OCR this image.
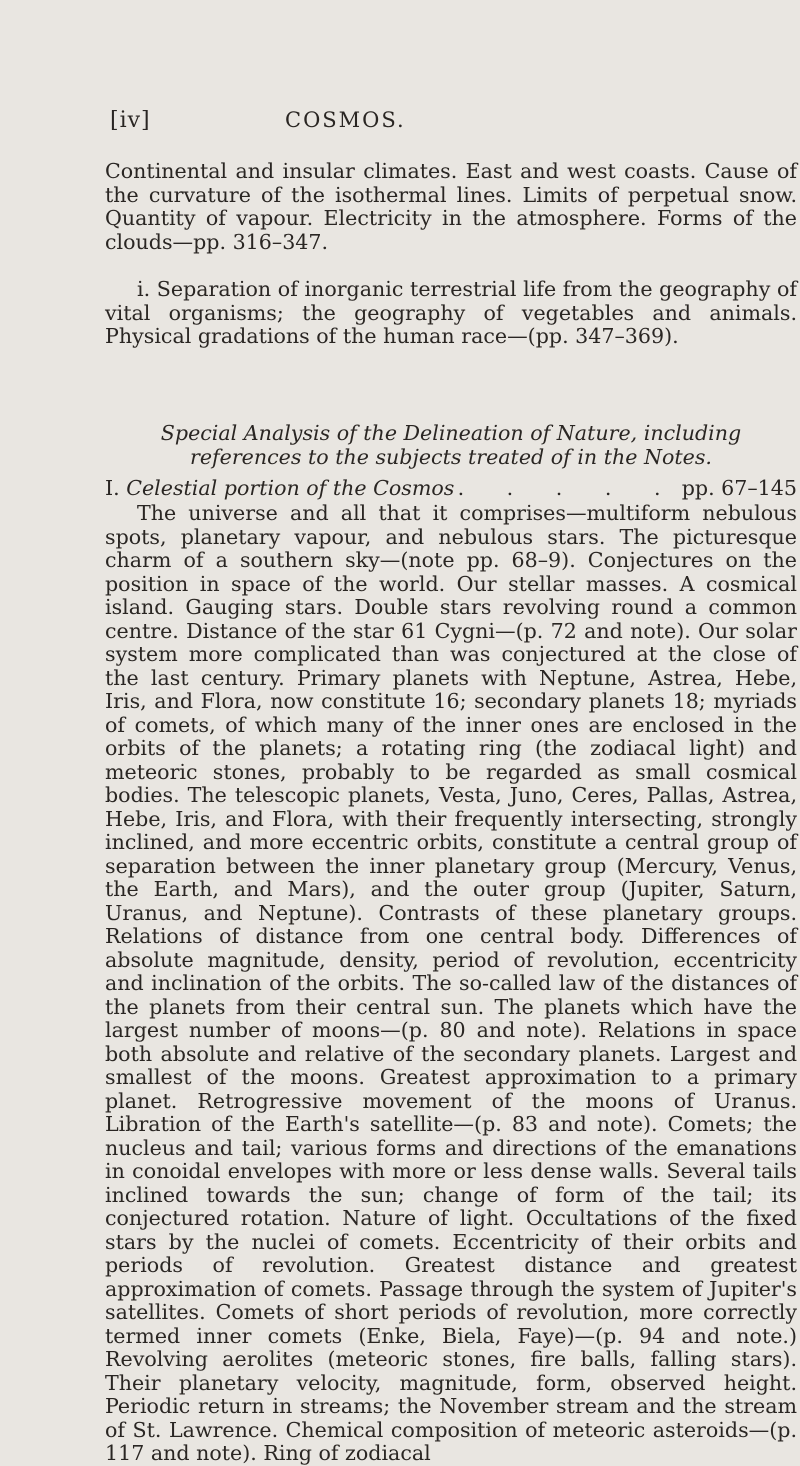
[iv]	COSMOS.

Continental and insular climates. East and west coasts. Cause of the curvature of the isothermal lines. Limits of perpetual snow. Quantity of vapour. Electricity in the atmosphere. Forms of the clouds—pp. 316–347.

i. Separation of inorganic terrestrial life from the geography of vital organisms; the geography of vegetables and animals. Physical gradations of the human race—(pp. 347–369).

Special Analysis of the Delineation of Nature, including references to the subjects treated of in the Notes.

I. Celestial portion of the Cosmos . . . . . pp. 67–145

The universe and all that it comprises—multiform nebulous spots, planetary vapour, and nebulous stars. The picturesque charm of a southern sky—(note pp. 68–9). Conjectures on the position in space of the world. Our stellar masses. A cosmical island. Gauging stars. Double stars revolving round a common centre. Distance of the star 61 Cygni—(p. 72 and note). Our solar system more complicated than was conjectured at the close of the last century. Primary planets with Neptune, Astrea, Hebe, Iris, and Flora, now constitute 16; secondary planets 18; myriads of comets, of which many of the inner ones are enclosed in the orbits of the planets; a rotating ring (the zodiacal light) and meteoric stones, probably to be regarded as small cosmical bodies. The telescopic planets, Vesta, Juno, Ceres, Pallas, Astrea, Hebe, Iris, and Flora, with their frequently intersecting, strongly inclined, and more eccentric orbits, constitute a central group of separation between the inner planetary group (Mercury, Venus, the Earth, and Mars), and the outer group (Jupiter, Saturn, Uranus, and Neptune). Contrasts of these planetary groups. Relations of distance from one central body. Differences of absolute magnitude, density, period of revolution, eccentricity and inclination of the orbits. The so-called law of the distances of the planets from their central sun. The planets which have the largest number of moons—(p. 80 and note). Relations in space both absolute and relative of the secondary planets. Largest and smallest of the moons. Greatest approximation to a primary planet. Retrogressive movement of the moons of Uranus. Libration of the Earth's satellite—(p. 83 and note). Comets; the nucleus and tail; various forms and directions of the emanations in conoidal envelopes with more or less dense walls. Several tails inclined towards the sun; change of form of the tail; its conjectured rotation. Nature of light. Occultations of the fixed stars by the nuclei of comets. Eccentricity of their orbits and periods of revolution. Greatest distance and greatest approximation of comets. Passage through the system of Jupiter's satellites. Comets of short periods of revolution, more correctly termed inner comets (Enke, Biela, Faye)—(p. 94 and note.) Revolving aerolites (meteoric stones, fire balls, falling stars). Their planetary velocity, magnitude, form, observed height. Periodic return in streams; the November stream and the stream of St. Lawrence. Chemical composition of meteoric asteroids—(p. 117 and note). Ring of zodiacal
